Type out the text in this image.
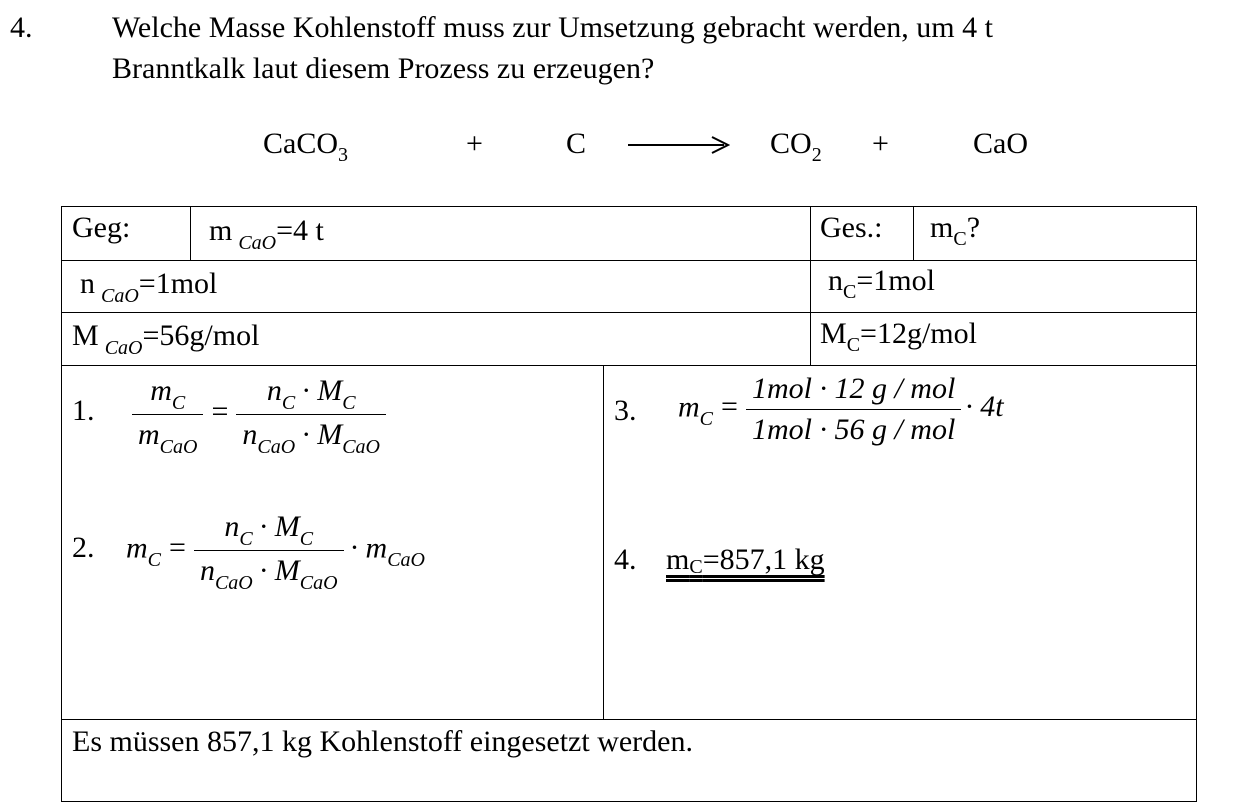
4.	Welche Masse Kohlenstoff muss zur Umsetzung gebracht werden, um 4 t
Branntkalk laut diesem Prozess zu erzeugen?
CaCO$_3$	+	C	$CO_2$ +	CaO
Geg:	m $_{CaO}$=4 t	Ges.: $m_C$?
n $_{CaO}$=1mol	$n_C=1mol$
M $_{CaO}$=56g/mol	$M_C=12g$/mol
1. $\frac{m_C}{m_{CaO}} = \frac{n_C \cdot M_C}{n_{CaO} \cdot M_{CaO}}$
2. $m_C = \frac{n_C \cdot M_C}{n_{CaO} \cdot M_{CaO}} \cdot m_{CaO}$
3. $m_C = \frac{\text{1mol · 12 g / mol}}{\text{1mol · 56 g / mol}} \cdot 4t$
4. mC=857,1 kg
Es müssen 857,1 kg Kohlenstoff eingesetzt werden.
